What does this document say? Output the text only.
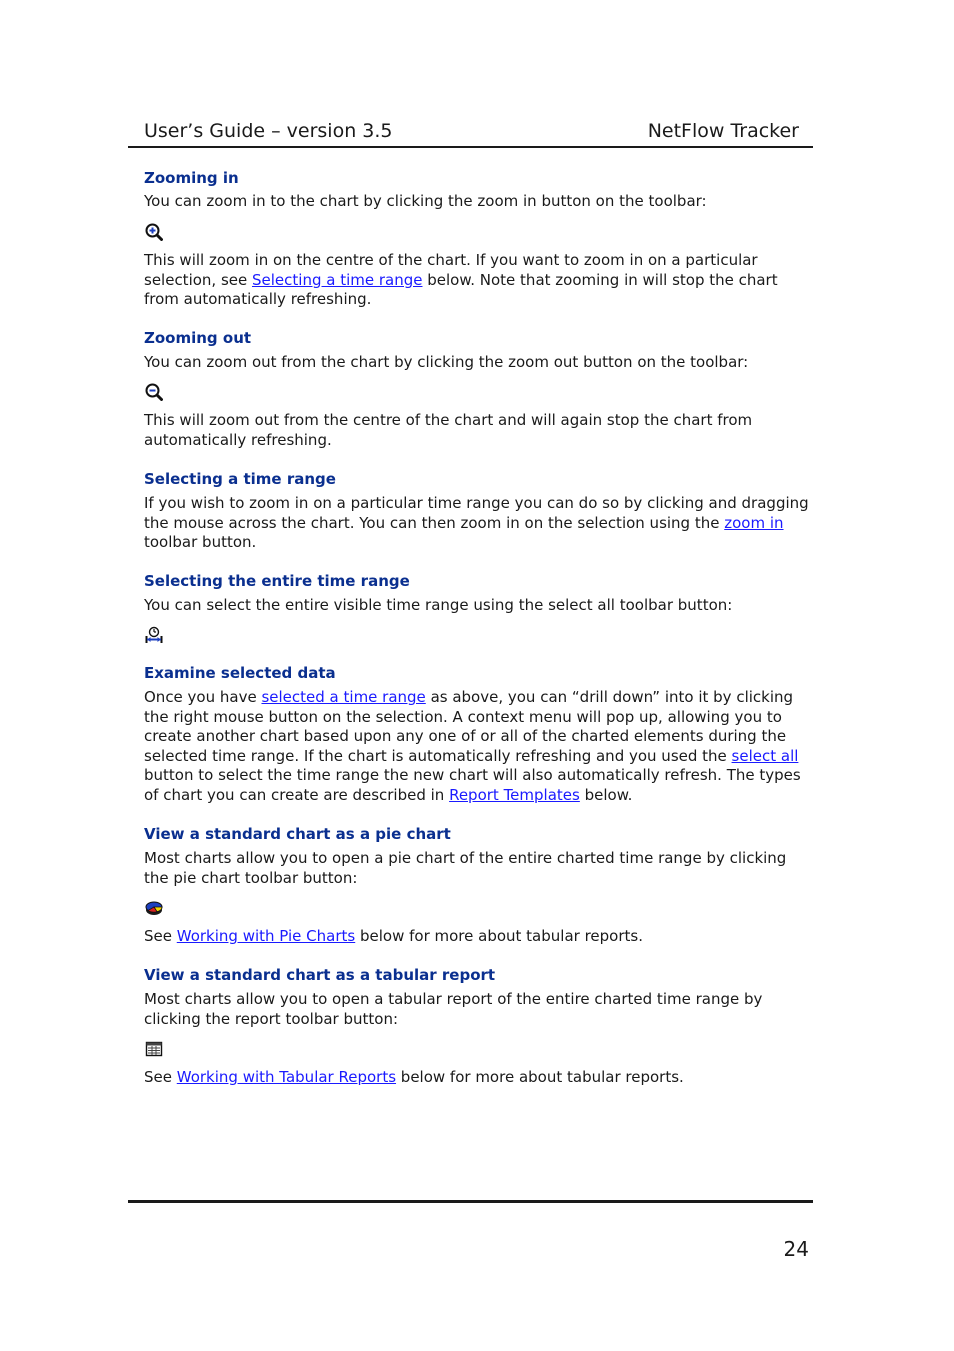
User’s Guide – version 3.5	NetFlow Tracker
Zooming in
You can zoom in to the chart by clicking the zoom in button on the toolbar:
This will zoom in on the centre of the chart. If you want to zoom in on a particular selection, see Selecting a time range below. Note that zooming in will stop the chart from automatically refreshing.
Zooming out
You can zoom out from the chart by clicking the zoom out button on the toolbar:
This will zoom out from the centre of the chart and will again stop the chart from automatically refreshing.
Selecting a time range
If you wish to zoom in on a particular time range you can do so by clicking and dragging the mouse across the chart. You can then zoom in on the selection using the zoom in toolbar button.
Selecting the entire time range
You can select the entire visible time range using the select all toolbar button:
Examine selected data
Once you have selected a time range as above, you can “drill down” into it by clicking the right mouse button on the selection. A context menu will pop up, allowing you to create another chart based upon any one of or all of the charted elements during the selected time range. If the chart is automatically refreshing and you used the select all button to select the time range the new chart will also automatically refresh. The types of chart you can create are described in Report Templates below.
View a standard chart as a pie chart
Most charts allow you to open a pie chart of the entire charted time range by clicking the pie chart toolbar button:
See Working with Pie Charts below for more about tabular reports.
View a standard chart as a tabular report
Most charts allow you to open a tabular report of the entire charted time range by clicking the report toolbar button:
See Working with Tabular Reports below for more about tabular reports.
24
